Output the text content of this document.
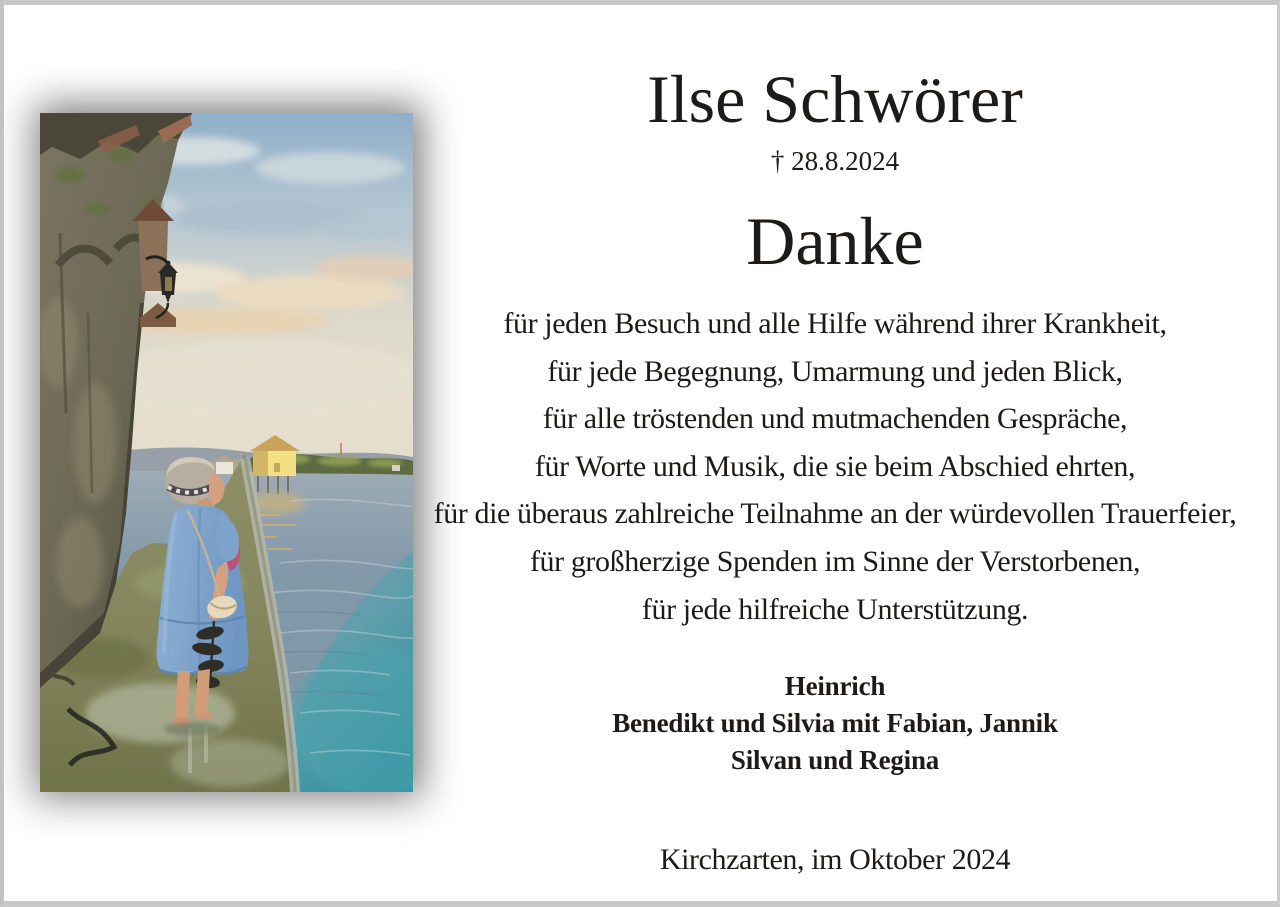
Ilse Schwörer
† 28.8.2024
Danke
für jeden Besuch und alle Hilfe während ihrer Krankheit,
für jede Begegnung, Umarmung und jeden Blick,
für alle tröstenden und mutmachenden Gespräche,
für Worte und Musik, die sie beim Abschied ehrten,
für die überaus zahlreiche Teilnahme an der würdevollen Trauerfeier,
für großherzige Spenden im Sinne der Verstorbenen,
für jede hilfreiche Unterstützung.
Heinrich
Benedikt und Silvia mit Fabian, Jannik
Silvan und Regina
Kirchzarten, im Oktober 2024
